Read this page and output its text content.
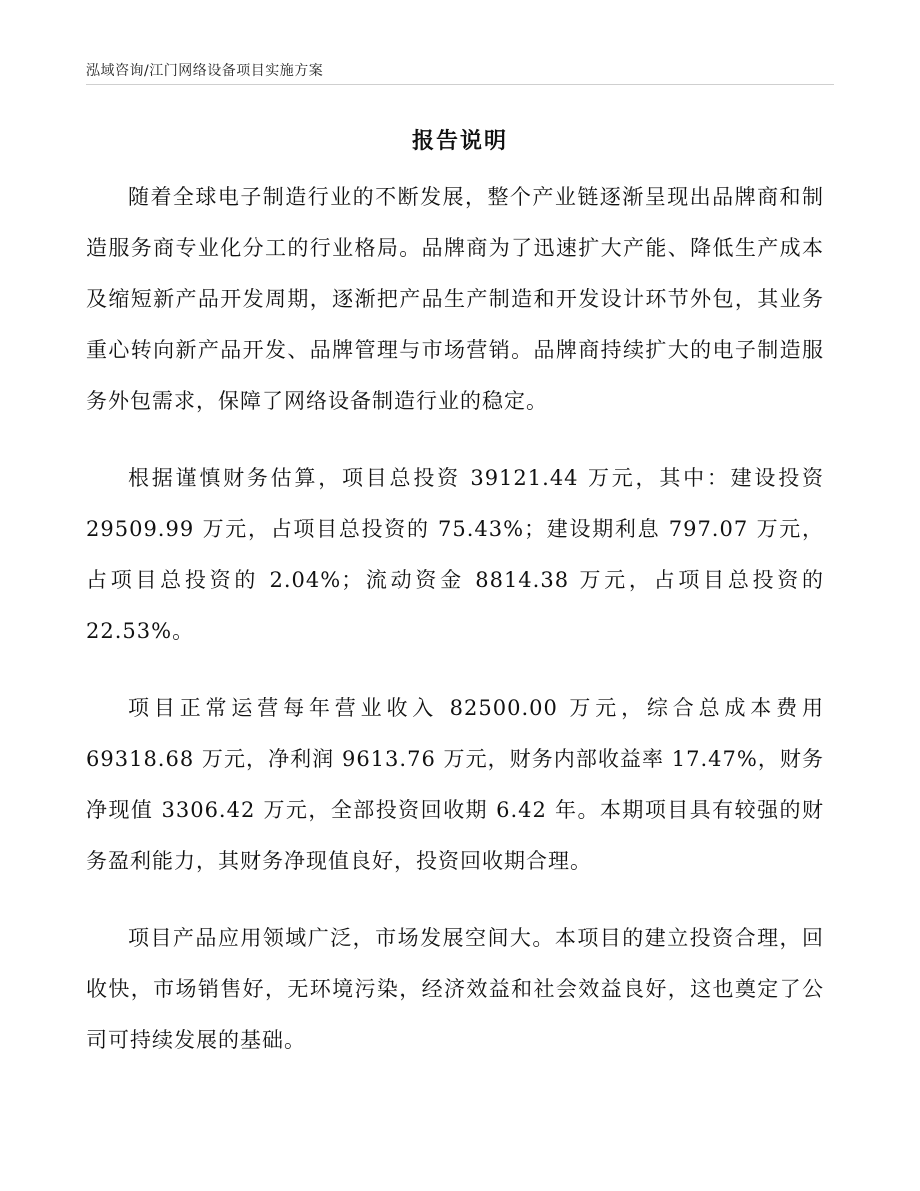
泓域咨询/江门网络设备项目实施方案
报告说明

随着全球电子制造行业的不断发展，整个产业链逐渐呈现出品牌商和制造服务商专业化分工的行业格局。品牌商为了迅速扩大产能、降低生产成本及缩短新产品开发周期，逐渐把产品生产制造和开发设计环节外包，其业务重心转向新产品开发、品牌管理与市场营销。品牌商持续扩大的电子制造服务外包需求，保障了网络设备制造行业的稳定。

根据谨慎财务估算，项目总投资 39121.44 万元，其中：建设投资 29509.99 万元，占项目总投资的 75.43%；建设期利息 797.07 万元，占项目总投资的 2.04%；流动资金 8814.38 万元，占项目总投资的 22.53%。

项目正常运营每年营业收入 82500.00 万元，综合总成本费用 69318.68 万元，净利润 9613.76 万元，财务内部收益率 17.47%，财务净现值 3306.42 万元，全部投资回收期 6.42 年。本期项目具有较强的财务盈利能力，其财务净现值良好，投资回收期合理。

项目产品应用领域广泛，市场发展空间大。本项目的建立投资合理，回收快，市场销售好，无环境污染，经济效益和社会效益良好，这也奠定了公司可持续发展的基础。
